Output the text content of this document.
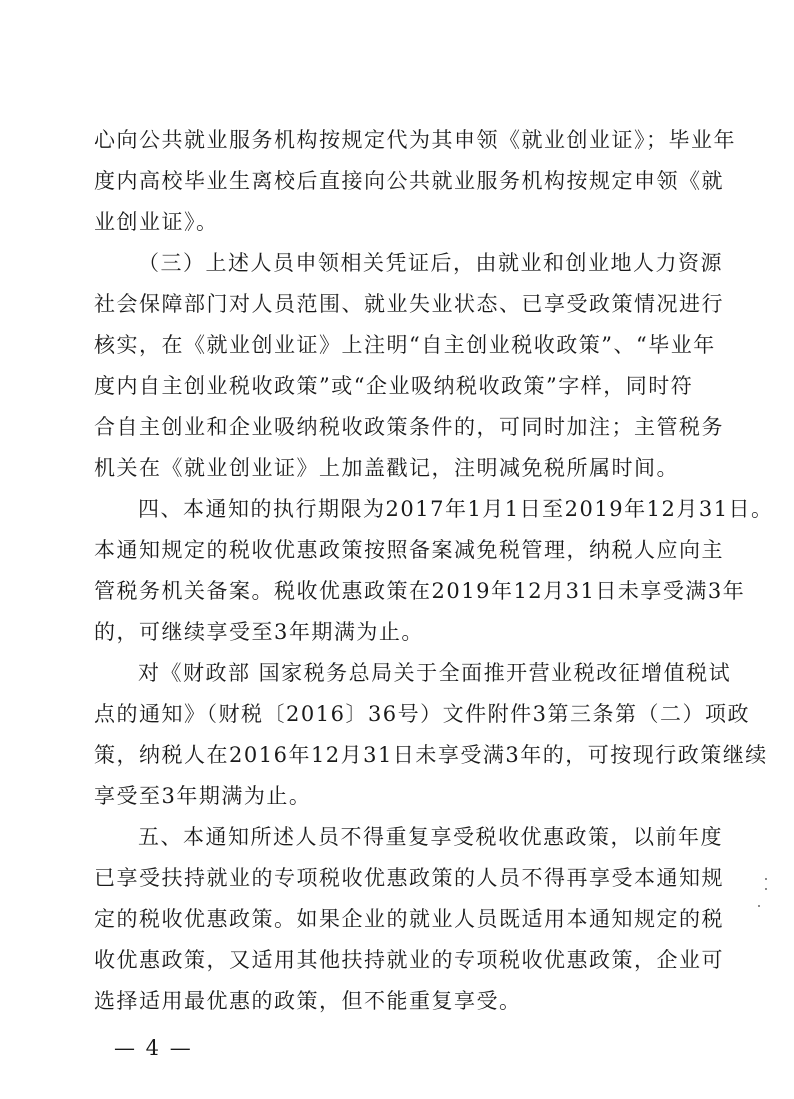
心向公共就业服务机构按规定代为其申领《就业创业证》；毕业年
度内高校毕业生离校后直接向公共就业服务机构按规定申领《就
业创业证》。
（三）上述人员申领相关凭证后，由就业和创业地人力资源
社会保障部门对人员范围、就业失业状态、已享受政策情况进行
核实，在《就业创业证》上注明“自主创业税收政策”、“毕业年
度内自主创业税收政策”或“企业吸纳税收政策”字样，同时符
合自主创业和企业吸纳税收政策条件的，可同时加注；主管税务
机关在《就业创业证》上加盖戳记，注明减免税所属时间。
四、本通知的执行期限为2017年1月1日至2019年12月31日。
本通知规定的税收优惠政策按照备案减免税管理，纳税人应向主
管税务机关备案。税收优惠政策在2019年12月31日未享受满3年
的，可继续享受至3年期满为止。
对《财政部 国家税务总局关于全面推开营业税改征增值税试
点的通知》（财税〔2016〕36号）文件附件3第三条第（二）项政
策，纳税人在2016年12月31日未享受满3年的，可按现行政策继续
享受至3年期满为止。
五、本通知所述人员不得重复享受税收优惠政策，以前年度
已享受扶持就业的专项税收优惠政策的人员不得再享受本通知规
定的税收优惠政策。如果企业的就业人员既适用本通知规定的税
收优惠政策，又适用其他扶持就业的专项税收优惠政策，企业可
选择适用最优惠的政策，但不能重复享受。
— 4 —
